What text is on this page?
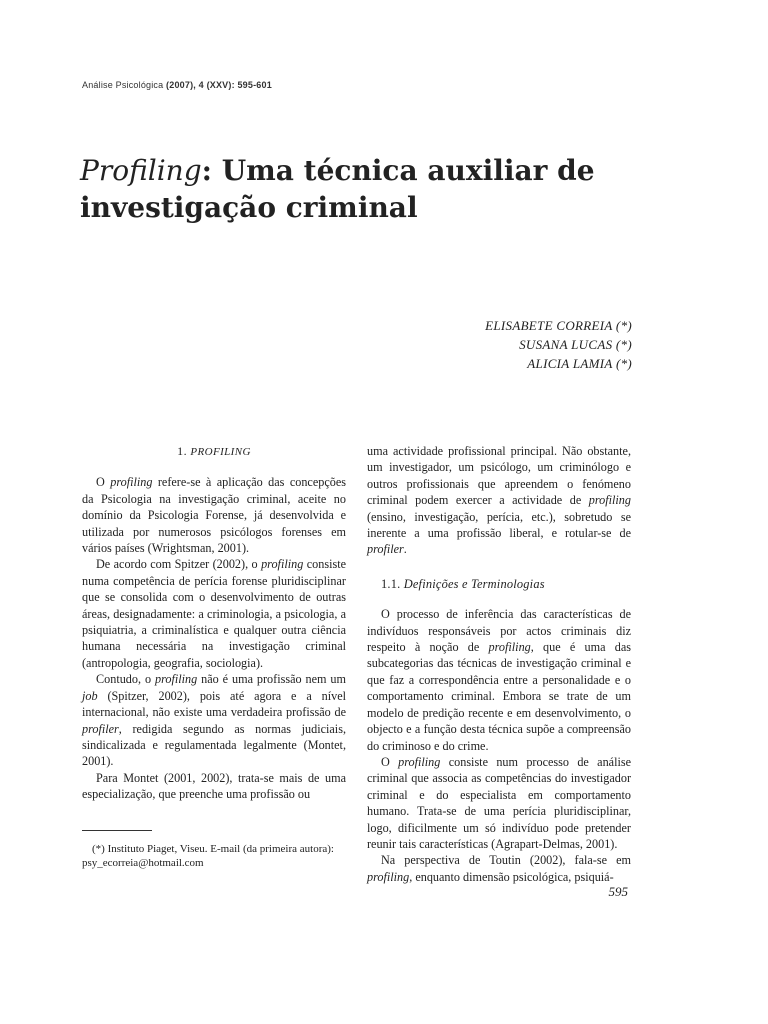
Análise Psicológica (2007), 4 (XXV): 595-601
Profiling: Uma técnica auxiliar de investigação criminal
ELISABETE CORREIA (*)
SUSANA LUCAS (*)
ALICIA LAMIA (*)
1. PROFILING

O profiling refere-se à aplicação das concepções da Psicologia na investigação criminal, aceite no domínio da Psicologia Forense, já desenvolvida e utilizada por numerosos psicólogos forenses em vários países (Wrightsman, 2001).

De acordo com Spitzer (2002), o profiling consiste numa competência de perícia forense pluridisciplinar que se consolida com o desenvolvimento de outras áreas, designadamente: a criminologia, a psicologia, a psiquiatria, a criminalística e qualquer outra ciência humana necessária na investigação criminal (antropologia, geografia, sociologia).

Contudo, o profiling não é uma profissão nem um job (Spitzer, 2002), pois até agora e a nível internacional, não existe uma verdadeira profissão de profiler, redigida segundo as normas judiciais, sindicalizada e regulamentada legalmente (Montet, 2001).

Para Montet (2001, 2002), trata-se mais de uma especialização, que preenche uma profissão ou

(*) Instituto Piaget, Viseu. E-mail (da primeira autora):
psy_ecorreia@hotmail.com

uma actividade profissional principal. Não obstante, um investigador, um psicólogo, um criminólogo e outros profissionais que apreendem o fenómeno criminal podem exercer a actividade de profiling (ensino, investigação, perícia, etc.), sobretudo se inerente a uma profissão liberal, e rotular-se de profiler.

1.1. Definições e Terminologias

O processo de inferência das características de indivíduos responsáveis por actos criminais diz respeito à noção de profiling, que é uma das subcategorias das técnicas de investigação criminal e que faz a correspondência entre a personalidade e o comportamento criminal. Embora se trate de um modelo de predição recente e em desenvolvimento, o objecto e a função desta técnica supõe a compreensão do criminoso e do crime.

O profiling consiste num processo de análise criminal que associa as competências do investigador criminal e do especialista em comportamento humano. Trata-se de uma perícia pluridisciplinar, logo, dificilmente um só indivíduo pode pretender reunir tais características (Agrapart-Delmas, 2001).

Na perspectiva de Toutin (2002), fala-se em profiling, enquanto dimensão psicológica, psiquiá-

595
